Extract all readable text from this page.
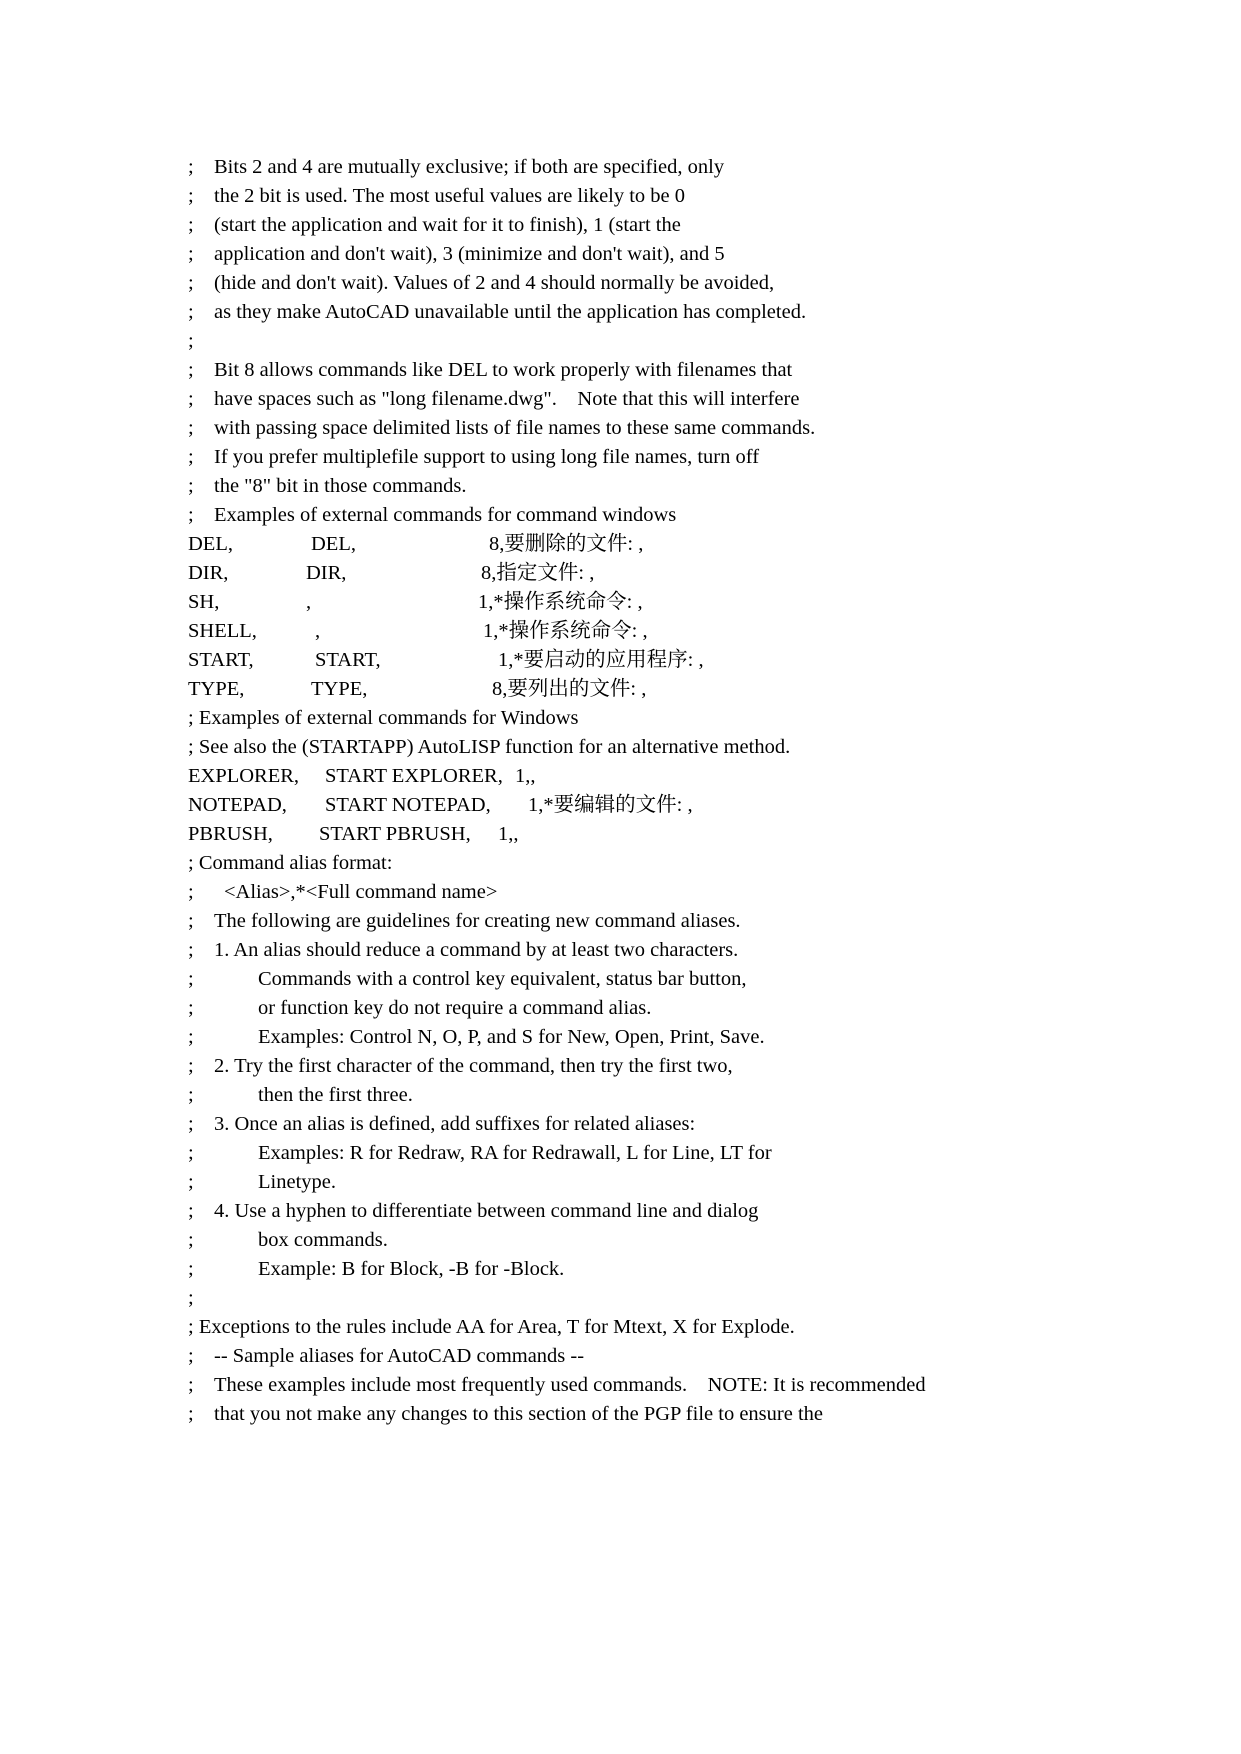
; Bits 2 and 4 are mutually exclusive; if both are specified, only
; the 2 bit is used. The most useful values are likely to be 0
; (start the application and wait for it to finish), 1 (start the
; application and don't wait), 3 (minimize and don't wait), and 5
; (hide and don't wait). Values of 2 and 4 should normally be avoided,
; as they make AutoCAD unavailable until the application has completed.
;
; Bit 8 allows commands like DEL to work properly with filenames that
; have spaces such as "long filename.dwg".    Note that this will interfere
; with passing space delimited lists of file names to these same commands.
; If you prefer multiplefile support to using long file names, turn off
; the "8" bit in those commands.
; Examples of external commands for command windows
DEL,	DEL,	8,要删除的文件: ,
DIR,	DIR,	8,指定文件: ,
SH,	,	1,*操作系统命令: ,
SHELL,	,	1,*操作系统命令: ,
START,	START,	1,*要启动的应用程序: ,
TYPE,	TYPE,	8,要列出的文件: ,
; Examples of external commands for Windows
; See also the (STARTAPP) AutoLISP function for an alternative method.
EXPLORER, START EXPLORER, 1,,
NOTEPAD, START NOTEPAD, 1,*要编辑的文件: ,
PBRUSH, START PBRUSH, 1,,
; Command alias format:
; <Alias>,*<Full command name>
; The following are guidelines for creating new command aliases.
; 1. An alias should reduce a command by at least two characters.
;	Commands with a control key equivalent, status bar button,
;	or function key do not require a command alias.
;	Examples: Control N, O, P, and S for New, Open, Print, Save.
; 2. Try the first character of the command, then try the first two,
;	then the first three.
; 3. Once an alias is defined, add suffixes for related aliases:
;	Examples: R for Redraw, RA for Redrawall, L for Line, LT for
;	Linetype.
; 4. Use a hyphen to differentiate between command line and dialog
;	box commands.
;	Example: B for Block, -B for -Block.
;
; Exceptions to the rules include AA for Area, T for Mtext, X for Explode.
; -- Sample aliases for AutoCAD commands --
; These examples include most frequently used commands.    NOTE: It is recommended
; that you not make any changes to this section of the PGP file to ensure the
